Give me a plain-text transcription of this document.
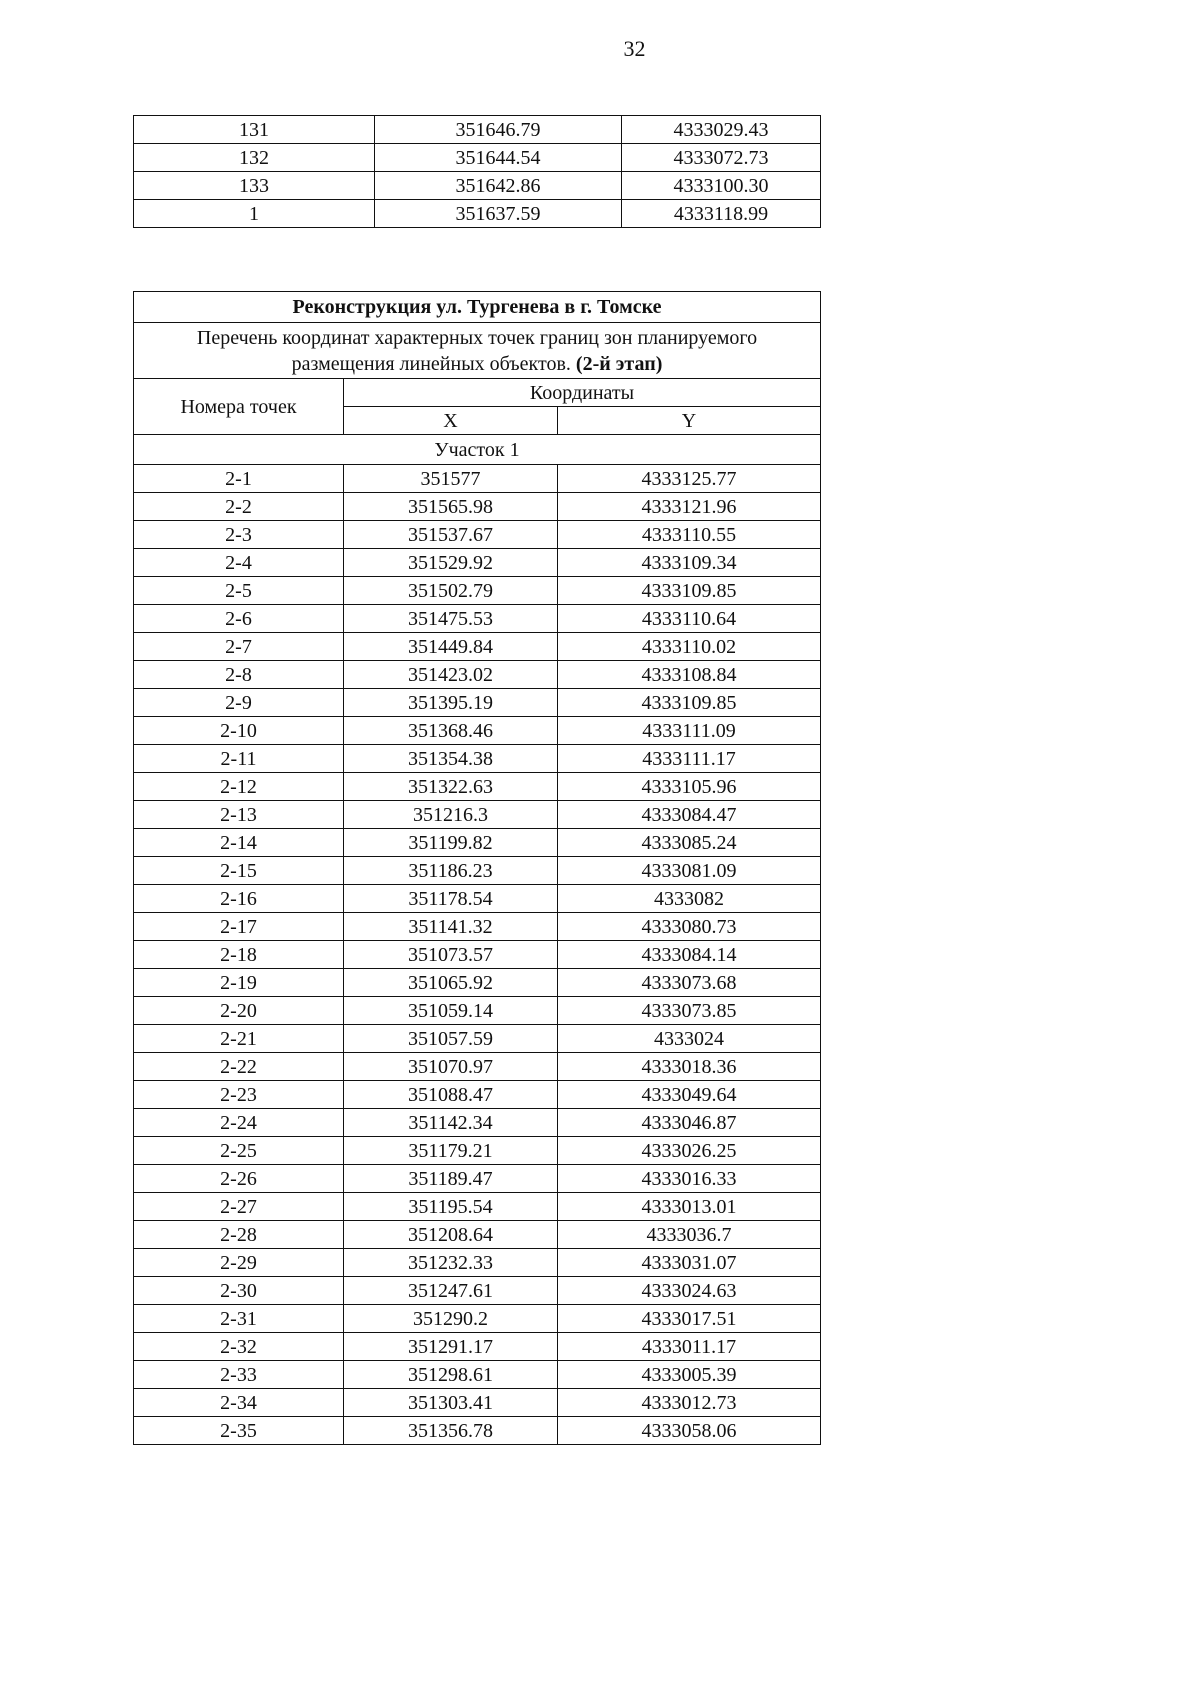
32
131	351646.79	4333029.43
132	351644.54	4333072.73
133	351642.86	4333100.30
1	351637.59	4333118.99
Реконструкция ул. Тургенева в г. Томске		
Перечень координат характерных точек границ зон планируемого размещения линейных объектов. (2-й этап)		
Номера точек	Координаты	
	X	Y
Участок 1		
2-1	351577	4333125.77
2-2	351565.98	4333121.96
2-3	351537.67	4333110.55
2-4	351529.92	4333109.34
2-5	351502.79	4333109.85
2-6	351475.53	4333110.64
2-7	351449.84	4333110.02
2-8	351423.02	4333108.84
2-9	351395.19	4333109.85
2-10	351368.46	4333111.09
2-11	351354.38	4333111.17
2-12	351322.63	4333105.96
2-13	351216.3	4333084.47
2-14	351199.82	4333085.24
2-15	351186.23	4333081.09
2-16	351178.54	4333082
2-17	351141.32	4333080.73
2-18	351073.57	4333084.14
2-19	351065.92	4333073.68
2-20	351059.14	4333073.85
2-21	351057.59	4333024
2-22	351070.97	4333018.36
2-23	351088.47	4333049.64
2-24	351142.34	4333046.87
2-25	351179.21	4333026.25
2-26	351189.47	4333016.33
2-27	351195.54	4333013.01
2-28	351208.64	4333036.7
2-29	351232.33	4333031.07
2-30	351247.61	4333024.63
2-31	351290.2	4333017.51
2-32	351291.17	4333011.17
2-33	351298.61	4333005.39
2-34	351303.41	4333012.73
2-35	351356.78	4333058.06
